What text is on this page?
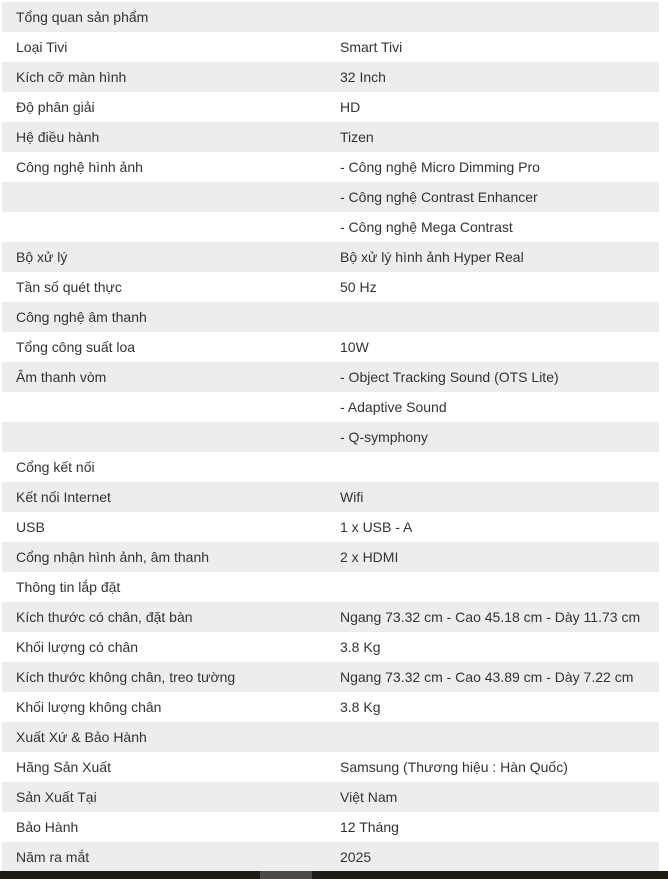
Tổng quan sản phẩm
Loại Tivi	Smart Tivi
Kích cỡ màn hình	32 Inch
Độ phân giải	HD
Hệ điều hành	Tizen
Công nghệ hình ảnh	- Công nghệ Micro Dimming Pro
- Công nghệ Contrast Enhancer
- Công nghệ Mega Contrast
Bộ xử lý	Bộ xử lý hình ảnh Hyper Real
Tần số quét thực	50 Hz
Công nghệ âm thanh
Tổng công suất loa	10W
Âm thanh vòm	- Object Tracking Sound (OTS Lite)
- Adaptive Sound
- Q-symphony
Cổng kết nối
Kết nối Internet	Wifi
USB	1 x USB - A
Cổng nhận hình ảnh, âm thanh	2 x HDMI
Thông tin lắp đặt
Kích thước có chân, đặt bàn	Ngang 73.32 cm - Cao 45.18 cm - Dày 11.73 cm
Khối lượng có chân	3.8 Kg
Kích thước không chân, treo tường	Ngang 73.32 cm - Cao 43.89 cm - Dày 7.22 cm
Khối lượng không chân	3.8 Kg
Xuất Xứ & Bảo Hành
Hãng Sản Xuất	Samsung (Thương hiệu : Hàn Quốc)
Sản Xuất Tại	Việt Nam
Bảo Hành	12 Tháng
Năm ra mắt	2025
